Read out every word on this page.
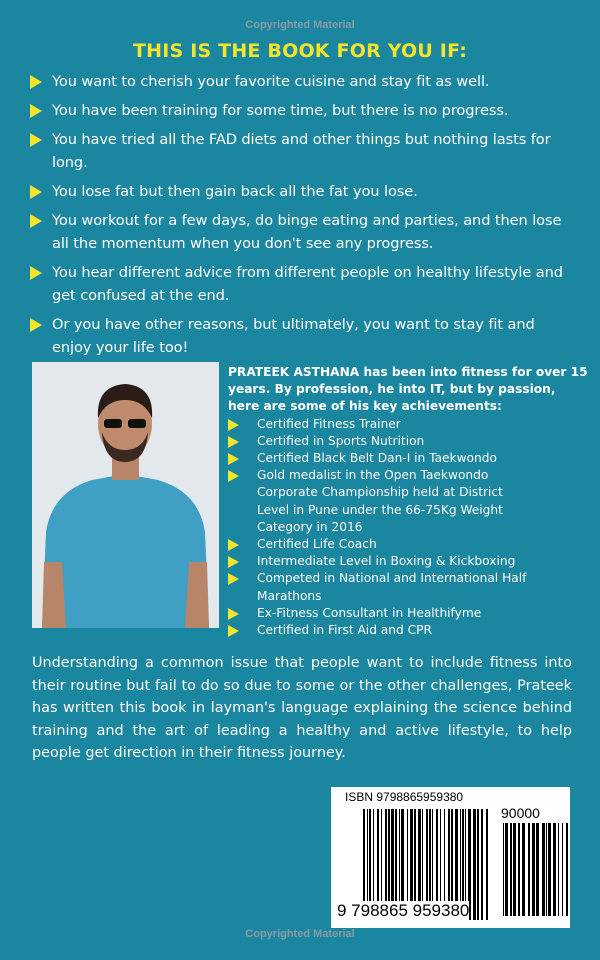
Copyrighted Material
THIS IS THE BOOK FOR YOU IF:
You want to cherish your favorite cuisine and stay fit as well.
You have been training for some time, but there is no progress.
You have tried all the FAD diets and other things but nothing lasts for long.
You lose fat but then gain back all the fat you lose.
You workout for a few days, do binge eating and parties, and then lose all the momentum when you don't see any progress.
You hear different advice from different people on healthy lifestyle and get confused at the end.
Or you have other reasons, but ultimately, you want to stay fit and enjoy your life too!
PRATEEK ASTHANA has been into fitness for over 15 years. By profession, he into IT, but by passion, here are some of his key achievements:
Certified Fitness Trainer
Certified in Sports Nutrition
Certified Black Belt Dan-I in Taekwondo
Gold medalist in the Open Taekwondo Corporate Championship held at District Level in Pune under the 66-75Kg Weight Category in 2016
Certified Life Coach
Intermediate Level in Boxing & Kickboxing
Competed in National and International Half Marathons
Ex-Fitness Consultant in Healthifyme
Certified in First Aid and CPR
Understanding a common issue that people want to include fitness into their routine but fail to do so due to some or the other challenges, Prateek has written this book in layman's language explaining the science behind training and the art of leading a healthy and active lifestyle, to help people get direction in their fitness journey.
ISBN 9798865959380
90000
9 798865 959380
Copyrighted Material
